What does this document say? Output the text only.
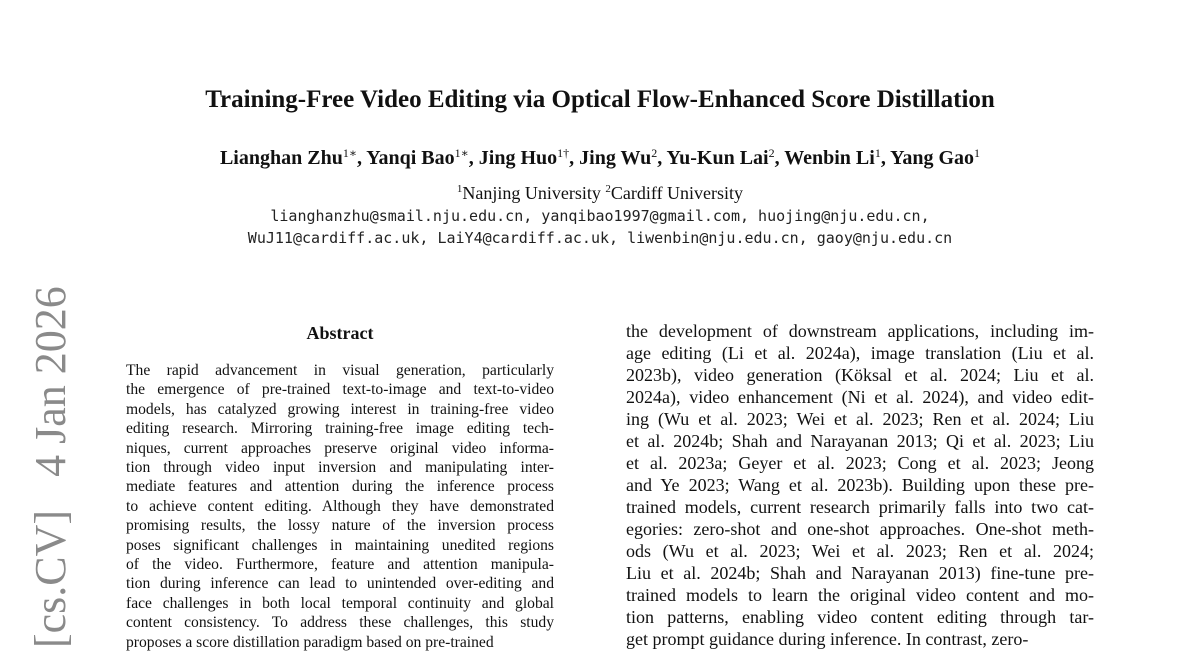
Training-Free Video Editing via Optical Flow-Enhanced Score Distillation
Lianghan Zhu$^{1∗}$, Yanqi Bao$^{1∗}$, Jing Huo$^{1\dagger}$, Jing Wu$^2$, Yu-Kun Lai$^2$, Wenbin Li$^1$, Yang Gao$^1$
$^1$Nanjing University $^2$Cardiff University
lianghanzhu@smail.nju.edu.cn, yanqibao1997@gmail.com, huojing@nju.edu.cn,
WuJ11@cardiff.ac.uk, LaiY4@cardiff.ac.uk, liwenbin@nju.edu.cn, gaoy@nju.edu.cn
[cs.CV]   4 Jan 2026	Abstract
The rapid advancement in visual generation, particularly
the emergence of pre-trained text-to-image and text-to-video
models, has catalyzed growing interest in training-free video
editing research. Mirroring training-free image editing tech-
niques, current approaches preserve original video informa-
tion through video input inversion and manipulating inter-
mediate features and attention during the inference process
to achieve content editing. Although they have demonstrated
promising results, the lossy nature of the inversion process
poses significant challenges in maintaining unedited regions
of the video. Furthermore, feature and attention manipula-
tion during inference can lead to unintended over-editing and
face challenges in both local temporal continuity and global
content consistency. To address these challenges, this study
proposes a score distillation paradigm based on pre-trained
the development of downstream applications, including im-
age editing (Li et al. 2024a), image translation (Liu et al.
2023b), video generation (Köksal et al. 2024; Liu et al.
2024a), video enhancement (Ni et al. 2024), and video edit-
ing (Wu et al. 2023; Wei et al. 2023; Ren et al. 2024; Liu
et al. 2024b; Shah and Narayanan 2013; Qi et al. 2023; Liu
et al. 2023a; Geyer et al. 2023; Cong et al. 2023; Jeong
and Ye 2023; Wang et al. 2023b). Building upon these pre-
trained models, current research primarily falls into two cat-
egories: zero-shot and one-shot approaches. One-shot meth-
ods (Wu et al. 2023; Wei et al. 2023; Ren et al. 2024;
Liu et al. 2024b; Shah and Narayanan 2013) fine-tune pre-
trained models to learn the original video content and mo-
tion patterns, enabling video content editing through tar-
get prompt guidance during inference. In contrast, zero-
